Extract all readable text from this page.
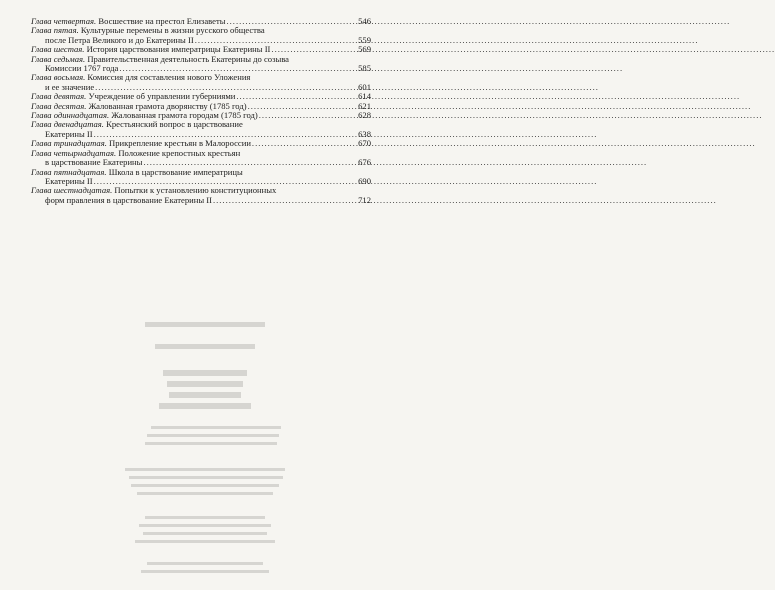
Глава четвертая. Восшествие на престол Елизаветы .....	546
Глава пятая. Культурные перемены в жизни русского общества
после Петра Великого и до Екатерины II .....	559
Глава шестая. История царствования императрицы Екатерины II .....	569
Глава седьмая. Правительственная деятельность Екатерины до созыва
Комиссии 1767 года .....	585
Глава восьмая. Комиссия для составления нового Уложения
и ее значение .....	601
Глава девятая. Учреждение об управлении губерниями .....	614
Глава десятая. Жалованная грамота дворянству (1785 год) .....	621
Глава одиннадцатая. Жалованная грамота городам (1785 год) .....	628
Глава двенадцатая. Крестьянский вопрос в царствование
Екатерины II .....	638
Глава тринадцатая. Прикрепление крестьян в Малороссии .....	670
Глава четырнадцатая. Положение крепостных крестьян
в царствование Екатерины .....	676
Глава пятнадцатая. Школа в царствование императрицы
Екатерины II .....	690
Глава шестнадцатая. Попытки к установлению конституционных
форм правления в царствование Екатерины II .....	712
